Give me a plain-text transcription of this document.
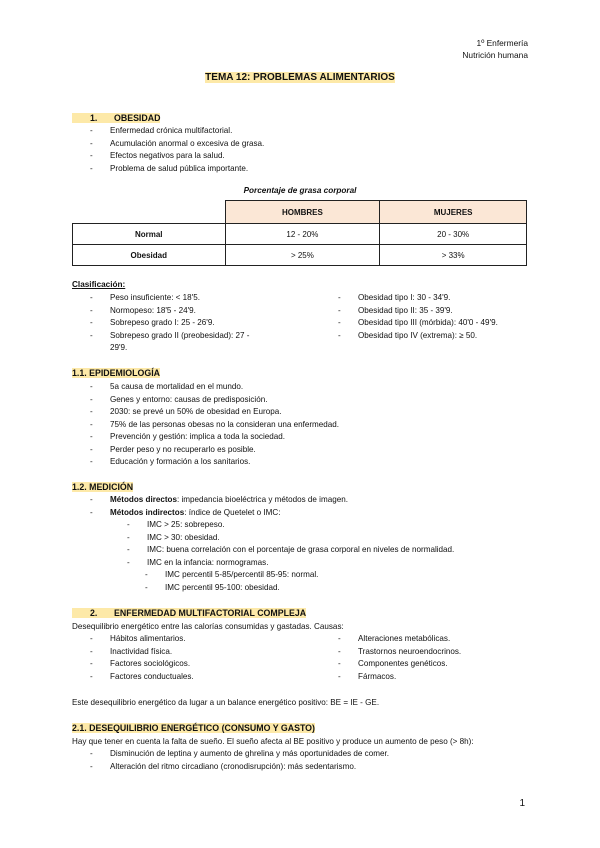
1º Enfermería
Nutrición humana
TEMA 12: PROBLEMAS ALIMENTARIOS
1. OBESIDAD
- Enfermedad crónica multifactorial.
- Acumulación anormal o excesiva de grasa.
- Efectos negativos para la salud.
- Problema de salud pública importante.
Porcentaje de grasa corporal
	HOMBRES	MUJERES
Normal	12 - 20%	20 - 30%
Obesidad	> 25%	> 33%
Clasificación:
- Peso insuficiente: < 18'5.
- Normopeso: 18'5 - 24'9.
- Sobrepeso grado I: 25 - 26'9.
- Sobrepeso grado II (preobesidad): 27 -
29'9.
- Obesidad tipo I: 30 - 34'9.
- Obesidad tipo II: 35 - 39'9.
- Obesidad tipo III (mórbida): 40'0 - 49'9.
- Obesidad tipo IV (extrema): ≥ 50.
1.1. EPIDEMIOLOGÍA
- 5a causa de mortalidad en el mundo.
- Genes y entorno: causas de predisposición.
- 2030: se prevé un 50% de obesidad en Europa.
- 75% de las personas obesas no la consideran una enfermedad.
- Prevención y gestión: implica a toda la sociedad.
- Perder peso y no recuperarlo es posible.
- Educación y formación a los sanitarios.
1.2. MEDICIÓN
- Métodos directos: impedancia bioeléctrica y métodos de imagen.
- Métodos indirectos: índice de Quetelet o IMC:
- IMC > 25: sobrepeso.
- IMC > 30: obesidad.
- IMC: buena correlación con el porcentaje de grasa corporal en niveles de normalidad.
- IMC en la infancia: normogramas.
- IMC percentil 5-85/percentil 85-95: normal.
- IMC percentil 95-100: obesidad.
2. ENFERMEDAD MULTIFACTORIAL COMPLEJA
Desequilibrio energético entre las calorías consumidas y gastadas. Causas:
- Hábitos alimentarios.
- Inactividad física.
- Factores sociológicos.
- Factores conductuales.
- Alteraciones metabólicas.
- Trastornos neuroendocrinos.
- Componentes genéticos.
- Fármacos.
Este desequilibrio energético da lugar a un balance energético positivo: BE = IE - GE.
2.1. DESEQUILIBRIO ENERGÉTICO (CONSUMO Y GASTO)
Hay que tener en cuenta la falta de sueño. El sueño afecta al BE positivo y produce un aumento de peso (> 8h):
- Disminución de leptina y aumento de ghrelina y más oportunidades de comer.
- Alteración del ritmo circadiano (cronodisrupción): más sedentarismo.
1
